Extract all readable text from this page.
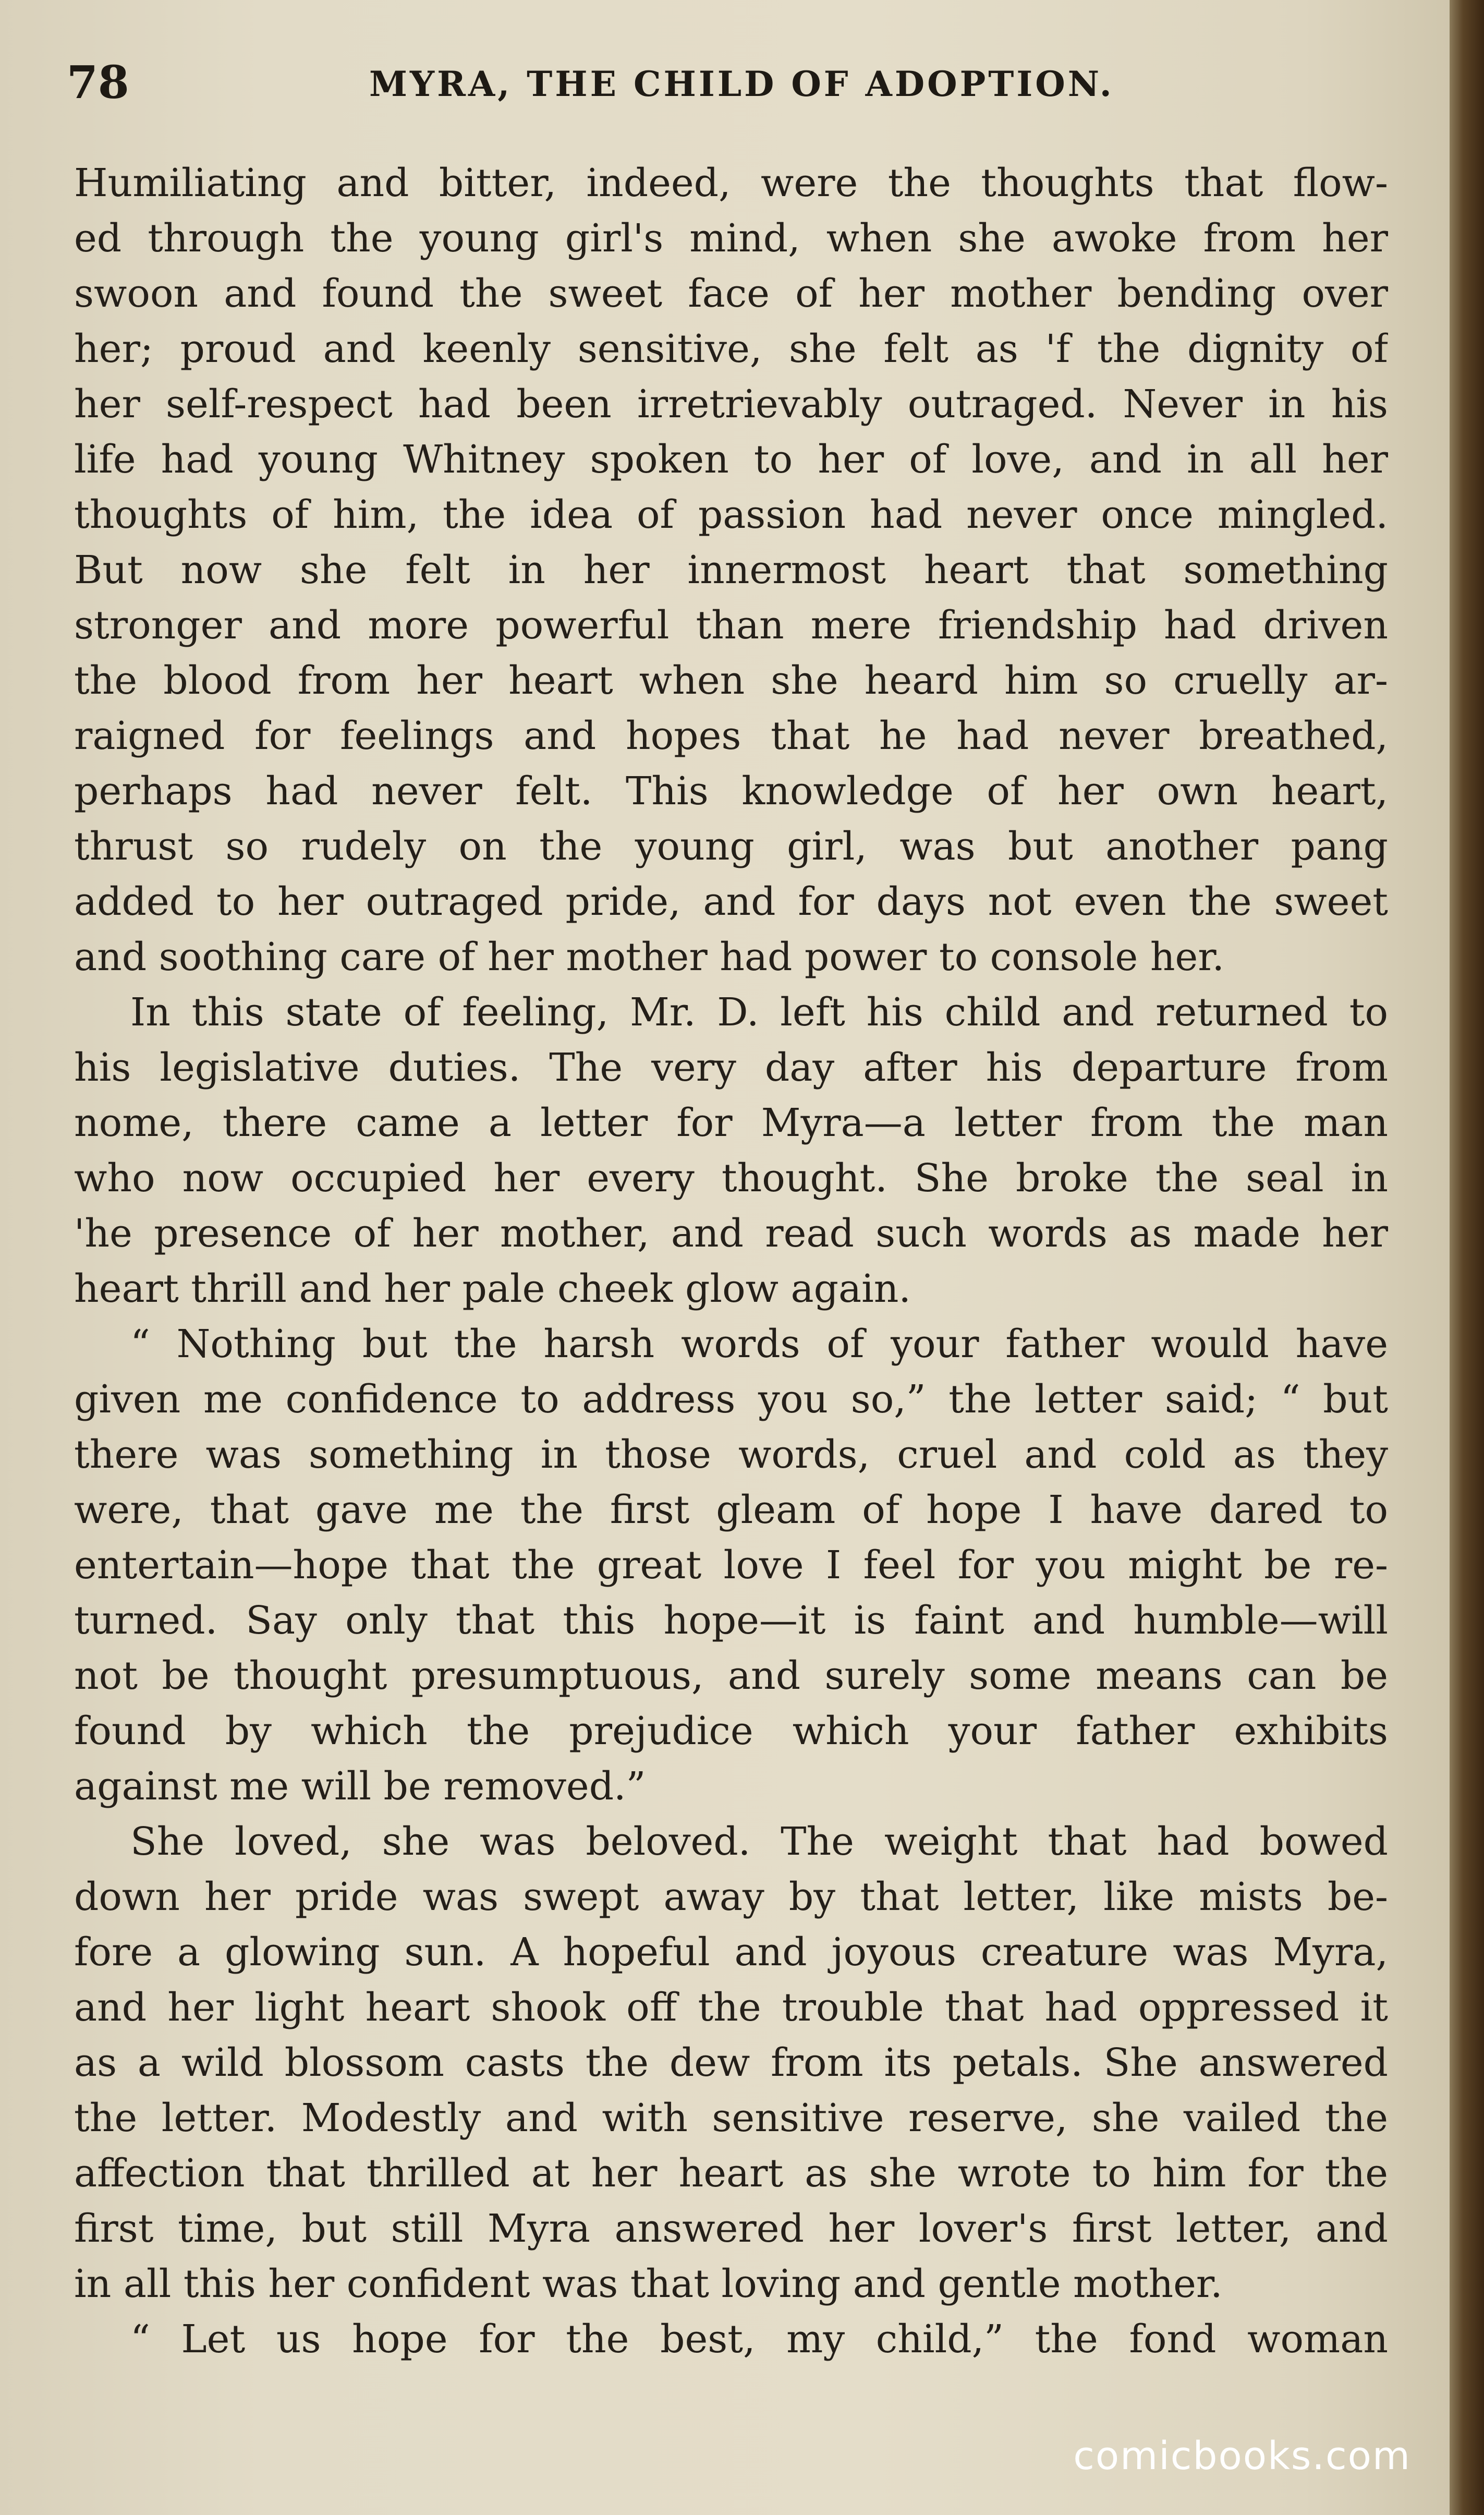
78	MYRA, THE CHILD OF ADOPTION.
Humiliating and bitter, indeed, were the thoughts that flow-
ed through the young girl's mind, when she awoke from her
swoon and found the sweet face of her mother bending over
her; proud and keenly sensitive, she felt as 'f the dignity of
her self-respect had been irretrievably outraged. Never in his
life had young Whitney spoken to her of love, and in all her
thoughts of him, the idea of passion had never once mingled.
But now she felt in her innermost heart that something
stronger and more powerful than mere friendship had driven
the blood from her heart when she heard him so cruelly ar-
raigned for feelings and hopes that he had never breathed,
perhaps had never felt. This knowledge of her own heart,
thrust so rudely on the young girl, was but another pang
added to her outraged pride, and for days not even the sweet
and soothing care of her mother had power to console her.
In this state of feeling, Mr. D. left his child and returned to
his legislative duties. The very day after his departure from
nome, there came a letter for Myra—a letter from the man
who now occupied her every thought. She broke the seal in
'he presence of her mother, and read such words as made her
heart thrill and her pale cheek glow again.
“ Nothing but the harsh words of your father would have
given me confidence to address you so,” the letter said; “ but
there was something in those words, cruel and cold as they
were, that gave me the first gleam of hope I have dared to
entertain—hope that the great love I feel for you might be re-
turned. Say only that this hope—it is faint and humble—will
not be thought presumptuous, and surely some means can be
found by which the prejudice which your father exhibits
against me will be removed.”
She loved, she was beloved. The weight that had bowed
down her pride was swept away by that letter, like mists be-
fore a glowing sun. A hopeful and joyous creature was Myra,
and her light heart shook off the trouble that had oppressed it
as a wild blossom casts the dew from its petals. She answered
the letter. Modestly and with sensitive reserve, she vailed the
affection that thrilled at her heart as she wrote to him for the
first time, but still Myra answered her lover's first letter, and
in all this her confident was that loving and gentle mother.
“ Let us hope for the best, my child,” the fond woman
comicbooks.com
